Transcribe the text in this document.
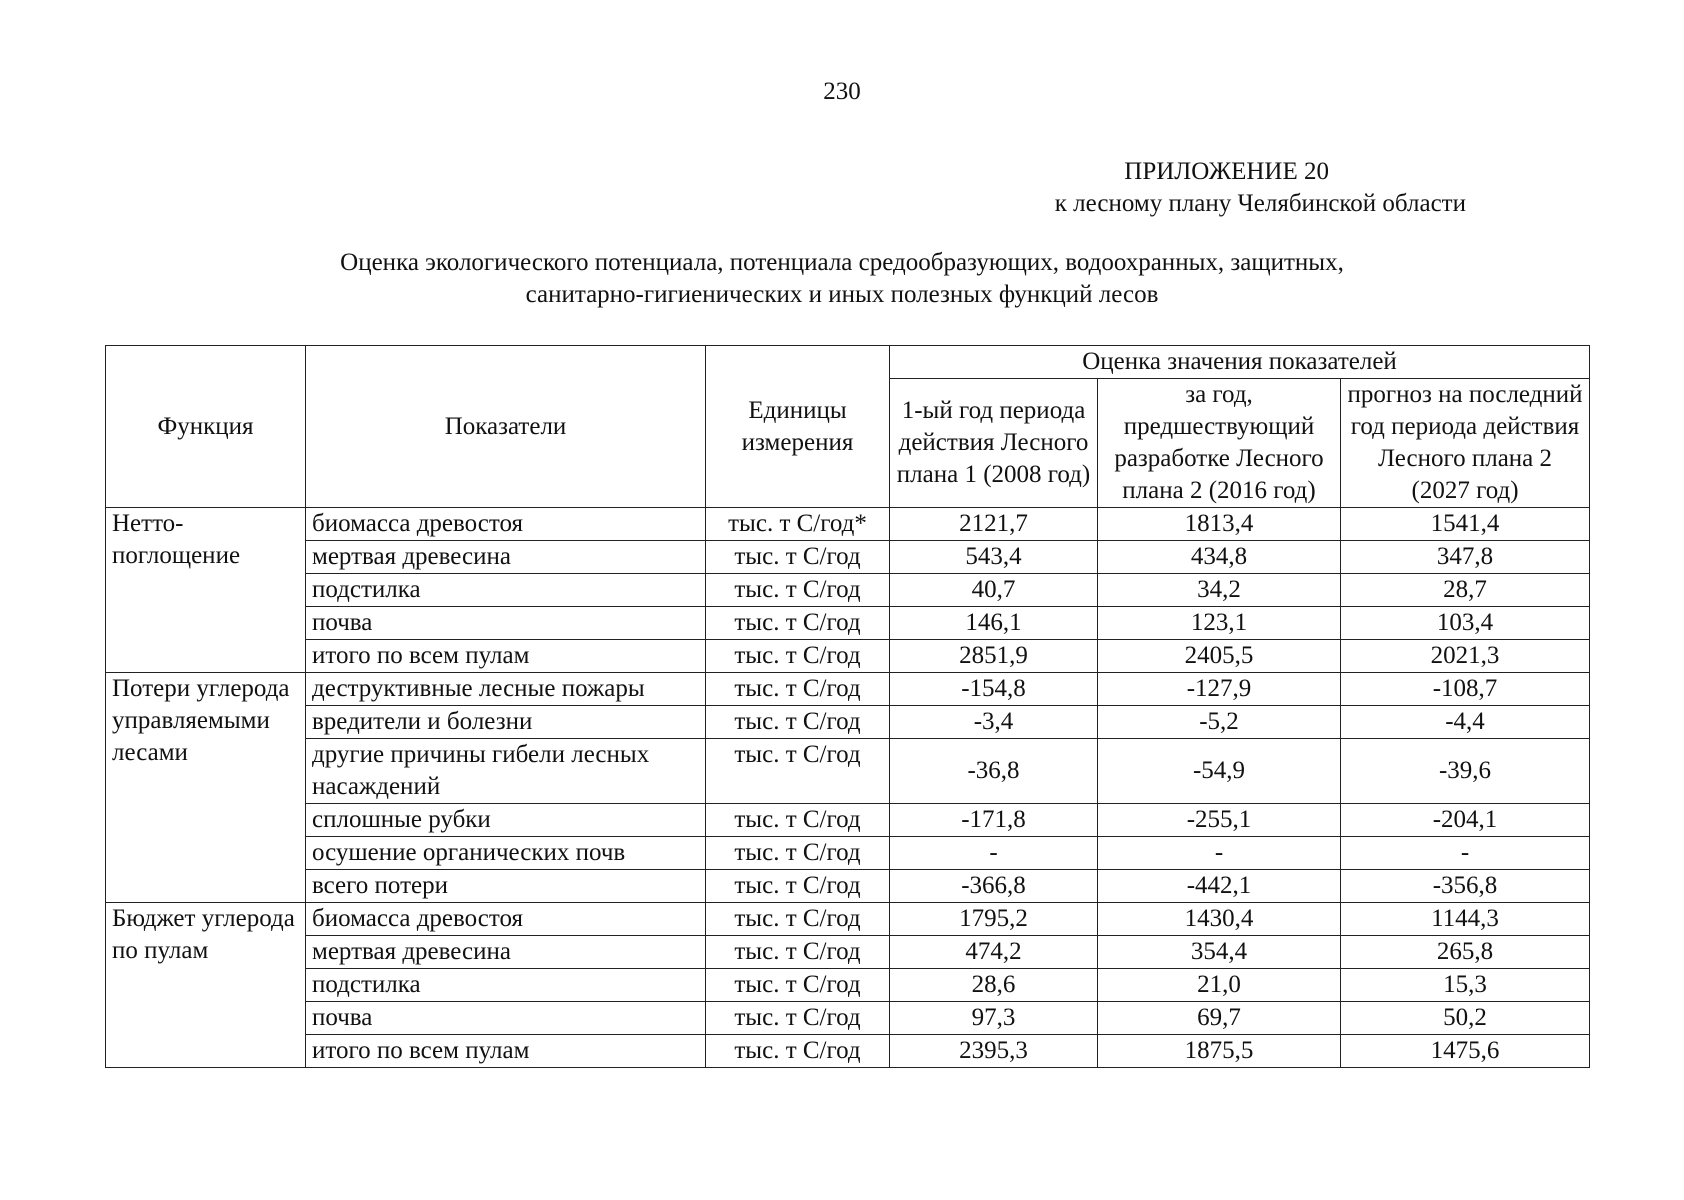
230
ПРИЛОЖЕНИЕ 20
к лесному плану Челябинской области
Оценка экологического потенциала, потенциала средообразующих, водоохранных, защитных,
санитарно-гигиенических и иных полезных функций лесов
Функция	Показатели	Единицы измерения	Оценка значения показателей		
			1-ый год периода действия Лесного плана 1 (2008 год)	за год, предшествующий разработке Лесного плана 2 (2016 год)	прогноз на последний год периода действия Лесного плана 2 (2027 год)
Нетто-поглощение	биомасса древостоя	тыс. т С/год*	2121,7	1813,4	1541,4
	мертвая древесина	тыс. т С/год	543,4	434,8	347,8
	подстилка	тыс. т С/год	40,7	34,2	28,7
	почва	тыс. т С/год	146,1	123,1	103,4
	итого по всем пулам	тыс. т С/год	2851,9	2405,5	2021,3
Потери углерода управляемыми лесами	деструктивные лесные пожары	тыс. т С/год	-154,8	-127,9	-108,7
	вредители и болезни	тыс. т С/год	-3,4	-5,2	-4,4
	другие причины гибели лесных насаждений	тыс. т С/год	-36,8	-54,9	-39,6
	сплошные рубки	тыс. т С/год	-171,8	-255,1	-204,1
	осушение органических почв	тыс. т С/год	-	-	-
	всего потери	тыс. т С/год	-366,8	-442,1	-356,8
Бюджет углерода по пулам	биомасса древостоя	тыс. т С/год	1795,2	1430,4	1144,3
	мертвая древесина	тыс. т С/год	474,2	354,4	265,8
	подстилка	тыс. т С/год	28,6	21,0	15,3
	почва	тыс. т С/год	97,3	69,7	50,2
	итого по всем пулам	тыс. т С/год	2395,3	1875,5	1475,6
